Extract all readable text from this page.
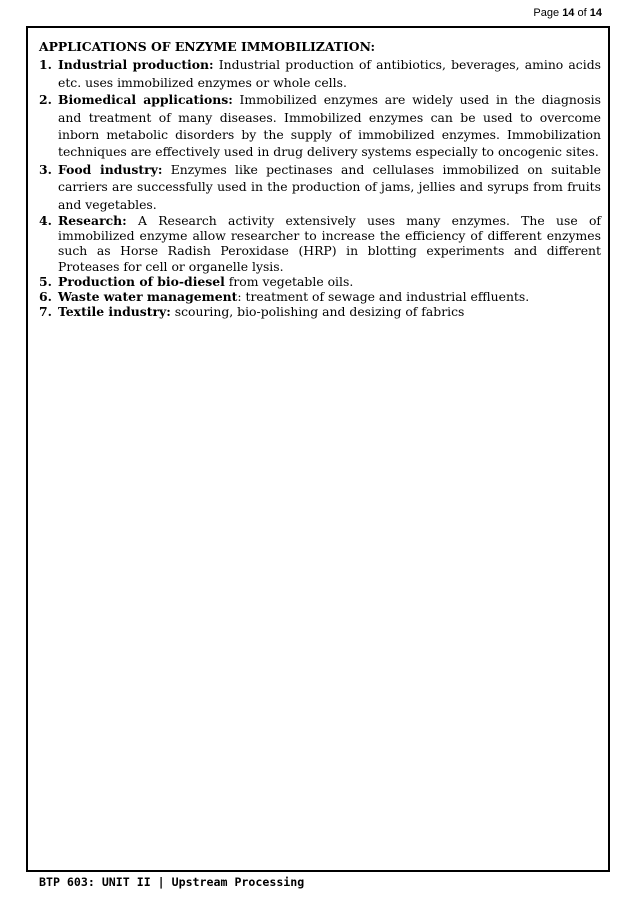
Page 14 of 14
APPLICATIONS OF ENZYME IMMOBILIZATION:
1. Industrial production: Industrial production of antibiotics, beverages, amino acids etc. uses immobilized enzymes or whole cells.
2. Biomedical applications: Immobilized enzymes are widely used in the diagnosis and treatment of many diseases. Immobilized enzymes can be used to overcome inborn metabolic disorders by the supply of immobilized enzymes. Immobilization techniques are effectively used in drug delivery systems especially to oncogenic sites.
3. Food industry: Enzymes like pectinases and cellulases immobilized on suitable carriers are successfully used in the production of jams, jellies and syrups from fruits and vegetables.
4. Research: A Research activity extensively uses many enzymes. The use of immobilized enzyme allow researcher to increase the efficiency of different enzymes such as Horse Radish Peroxidase (HRP) in blotting experiments and different Proteases for cell or organelle lysis.
5. Production of bio-diesel from vegetable oils.
6. Waste water management: treatment of sewage and industrial effluents.
7. Textile industry: scouring, bio-polishing and desizing of fabrics
BTP 603: UNIT II | Upstream Processing
